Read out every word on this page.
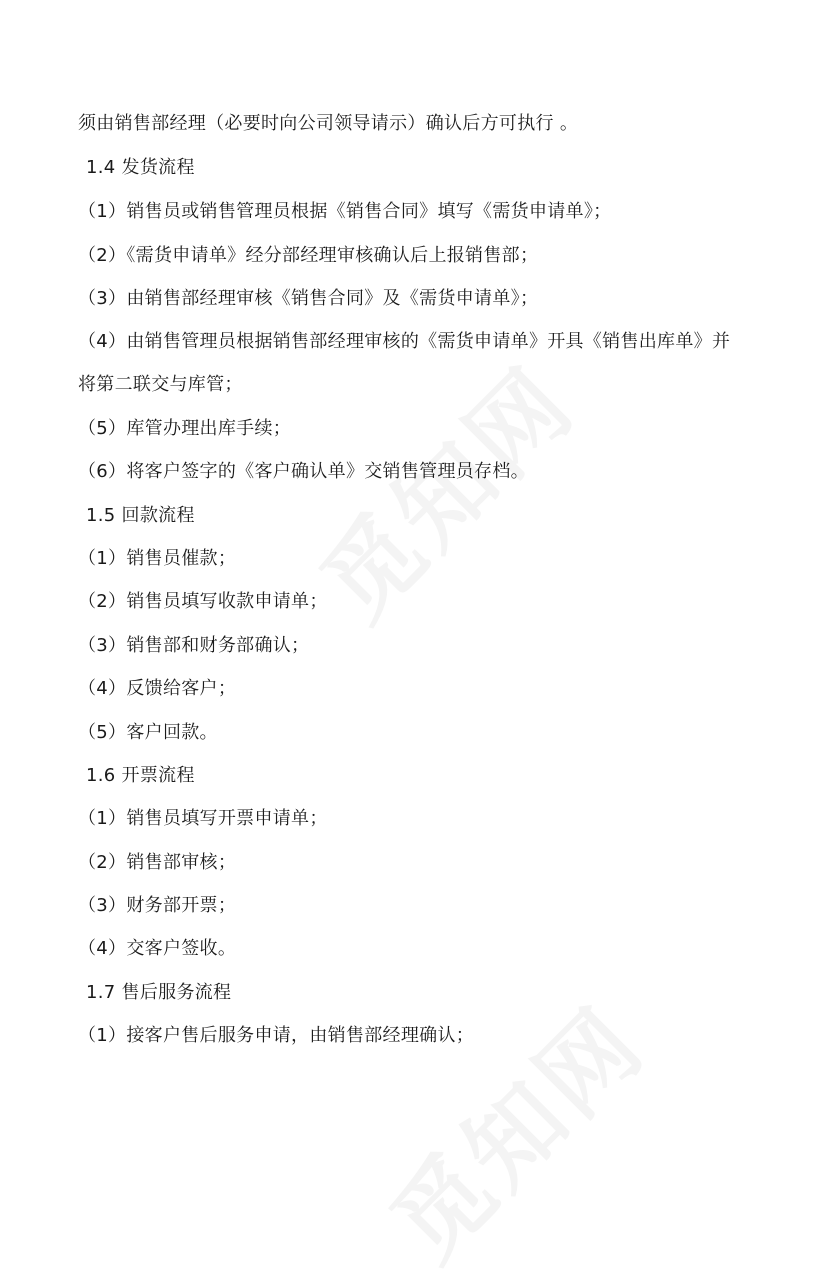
须由销售部经理（必要时向公司领导请示）确认后方可执行 。
1.4 发货流程
（1）销售员或销售管理员根据《销售合同》填写《需货申请单》；
（2）《需货申请单》经分部经理审核确认后上报销售部；
（3）由销售部经理审核《销售合同》及《需货申请单》；
（4）由销售管理员根据销售部经理审核的《需货申请单》开具《销售出库单》并
将第二联交与库管；
（5）库管办理出库手续；
（6）将客户签字的《客户确认单》交销售管理员存档。
1.5 回款流程
（1）销售员催款；
（2）销售员填写收款申请单；
（3）销售部和财务部确认；
（4）反馈给客户；
（5）客户回款。
1.6 开票流程
（1）销售员填写开票申请单；
（2）销售部审核；
（3）财务部开票；
（4）交客户签收。
1.7 售后服务流程
（1）接客户售后服务申请，由销售部经理确认；
